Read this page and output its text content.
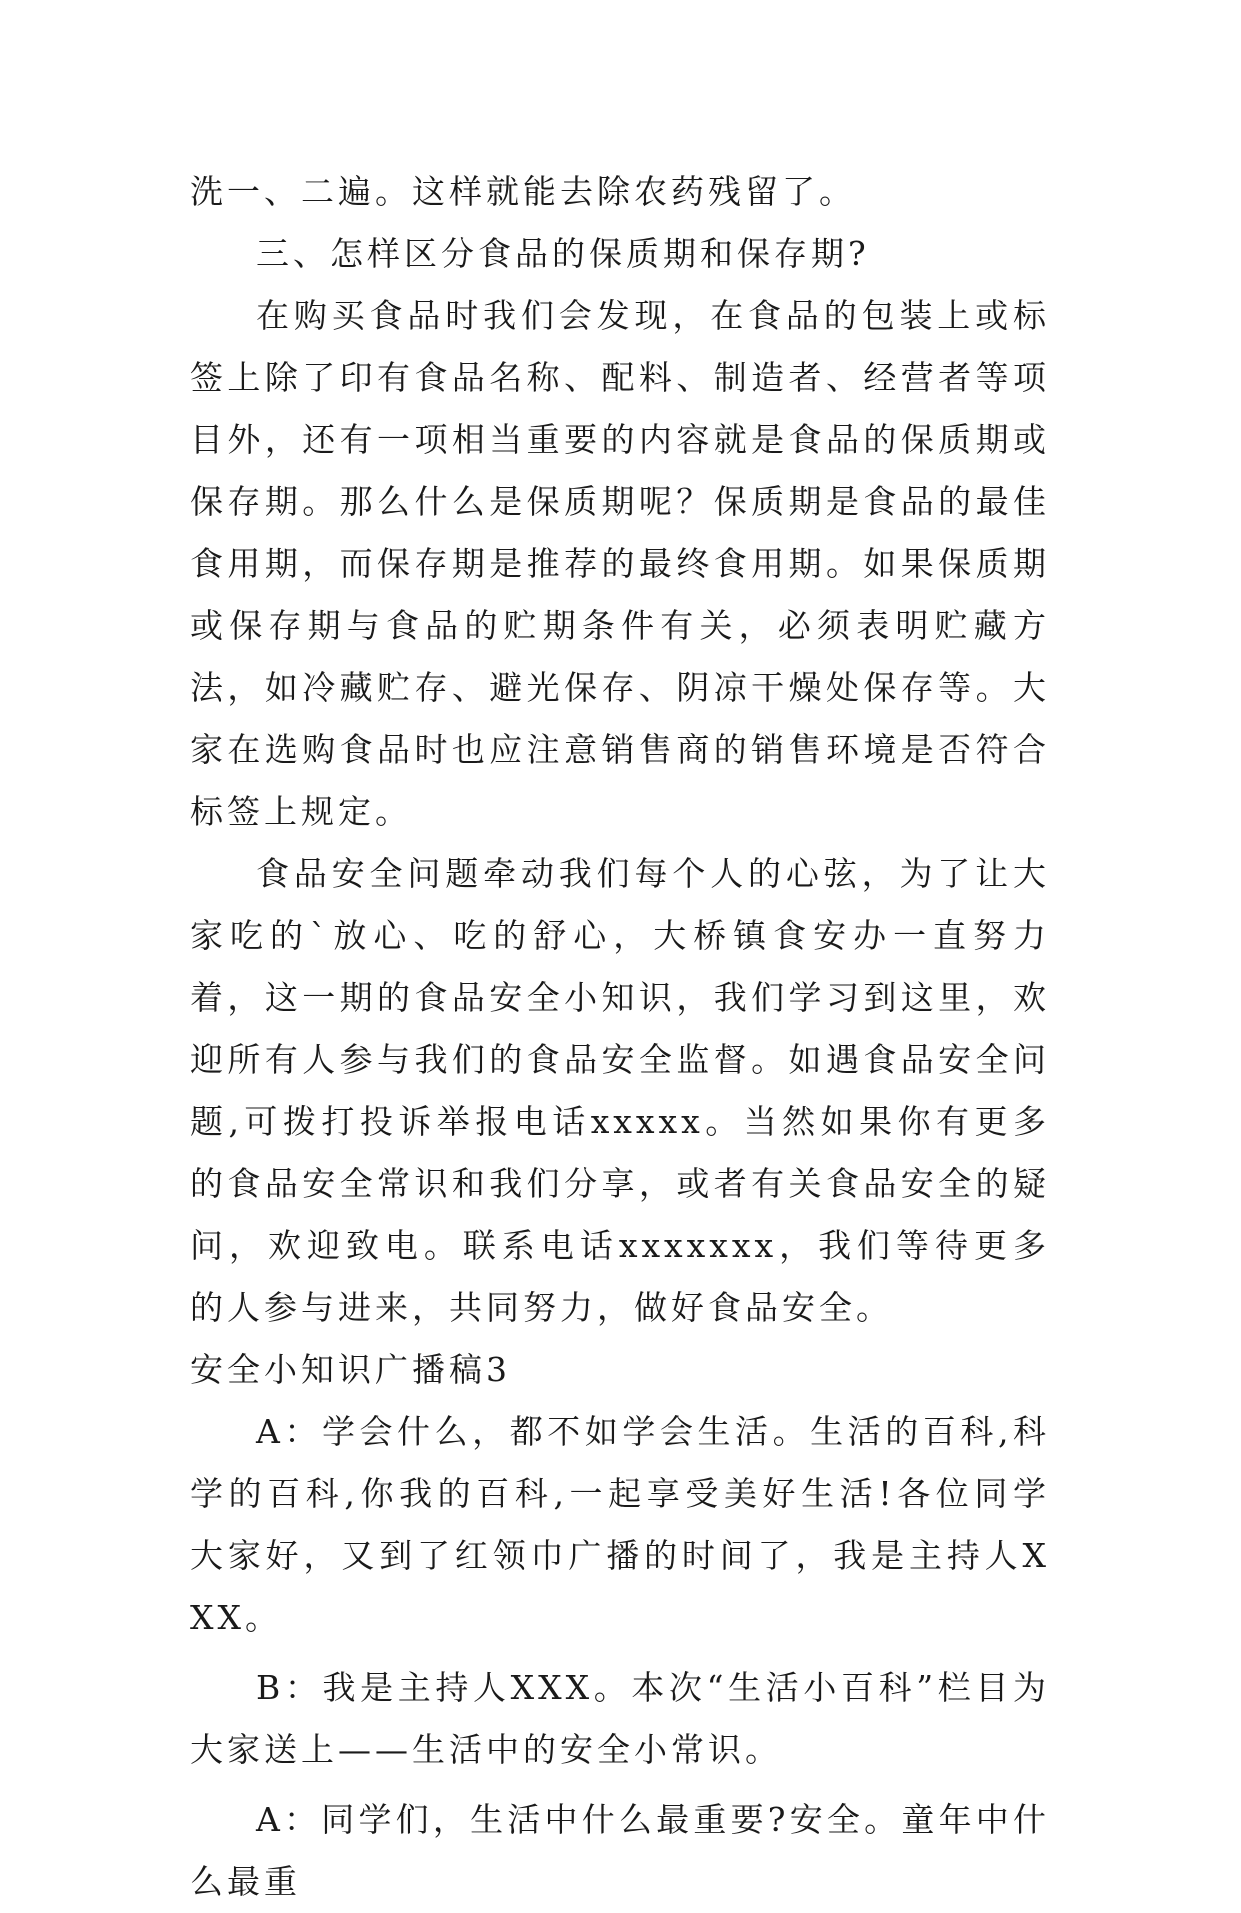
洗一、二遍。这样就能去除农药残留了。

三、怎样区分食品的保质期和保存期?

在购买食品时我们会发现，在食品的包装上或标签上除了印有食品名称、配料、制造者、经营者等项目外，还有一项相当重要的内容就是食品的保质期或保存期。那么什么是保质期呢？保质期是食品的最佳食用期，而保存期是推荐的最终食用期。如果保质期或保存期与食品的贮期条件有关，必须表明贮藏方法，如冷藏贮存、避光保存、阴凉干燥处保存等。大家在选购食品时也应注意销售商的销售环境是否符合标签上规定。

食品安全问题牵动我们每个人的心弦，为了让大家吃的`放心、吃的舒心，大桥镇食安办一直努力着，这一期的食品安全小知识，我们学习到这里，欢迎所有人参与我们的食品安全监督。如遇食品安全问题,可拨打投诉举报电话xxxxx。当然如果你有更多的食品安全常识和我们分享，或者有关食品安全的疑问，欢迎致电。联系电话xxxxxxx，我们等待更多的人参与进来，共同努力，做好食品安全。

安全小知识广播稿3

A：学会什么，都不如学会生活。生活的百科,科学的百科,你我的百科,一起享受美好生活!各位同学大家好，又到了红领巾广播的时间了，我是主持人XXX。

B：我是主持人XXX。本次“生活小百科”栏目为大家送上——生活中的安全小常识。

A：同学们，生活中什么最重要?安全。童年中什么最重
